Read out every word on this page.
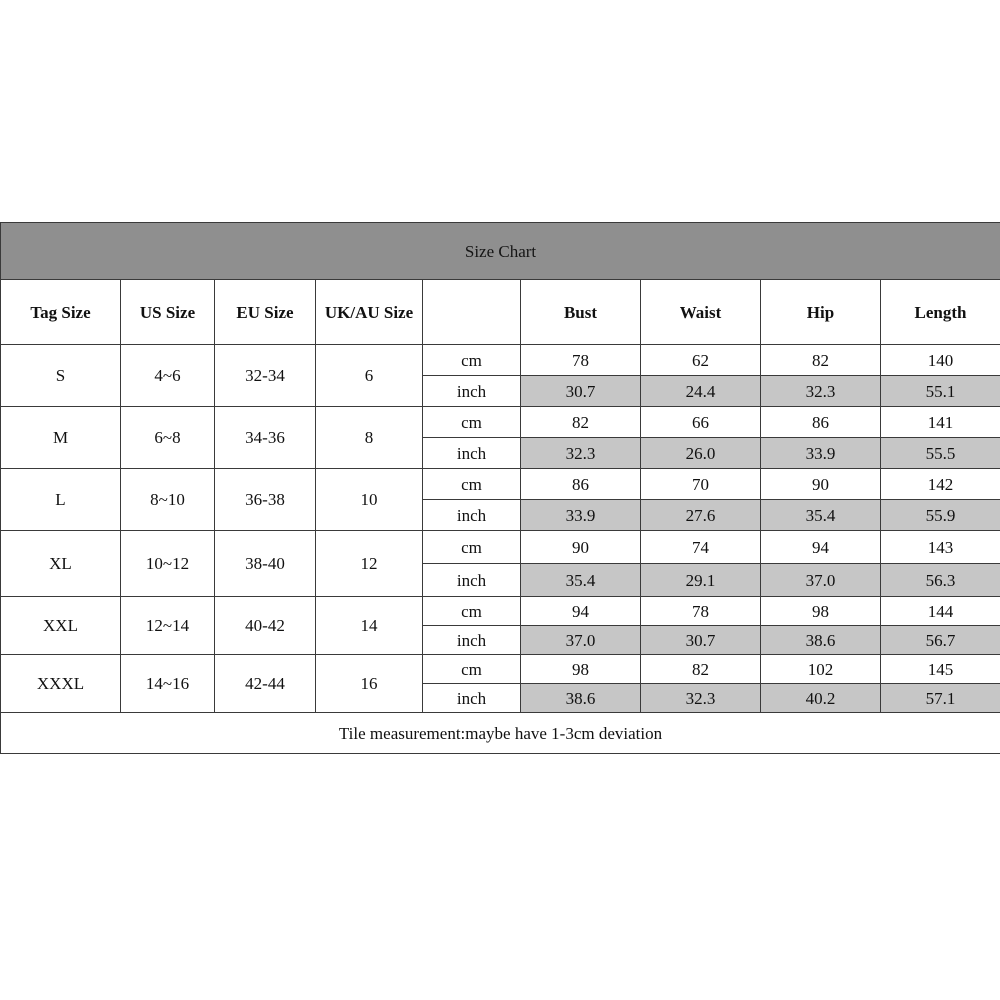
Size Chart								
Tag Size	US Size	EU Size	UK/AU Size		Bust	Waist	Hip	Length
S	4~6	32-34	6	cm	78	62	82	140
				inch	30.7	24.4	32.3	55.1
M	6~8	34-36	8	cm	82	66	86	141
				inch	32.3	26.0	33.9	55.5
L	8~10	36-38	10	cm	86	70	90	142
				inch	33.9	27.6	35.4	55.9
XL	10~12	38-40	12	cm	90	74	94	143
				inch	35.4	29.1	37.0	56.3
XXL	12~14	40-42	14	cm	94	78	98	144
				inch	37.0	30.7	38.6	56.7
XXXL	14~16	42-44	16	cm	98	82	102	145
				inch	38.6	32.3	40.2	57.1
Tile measurement:maybe have 1-3cm deviation								
